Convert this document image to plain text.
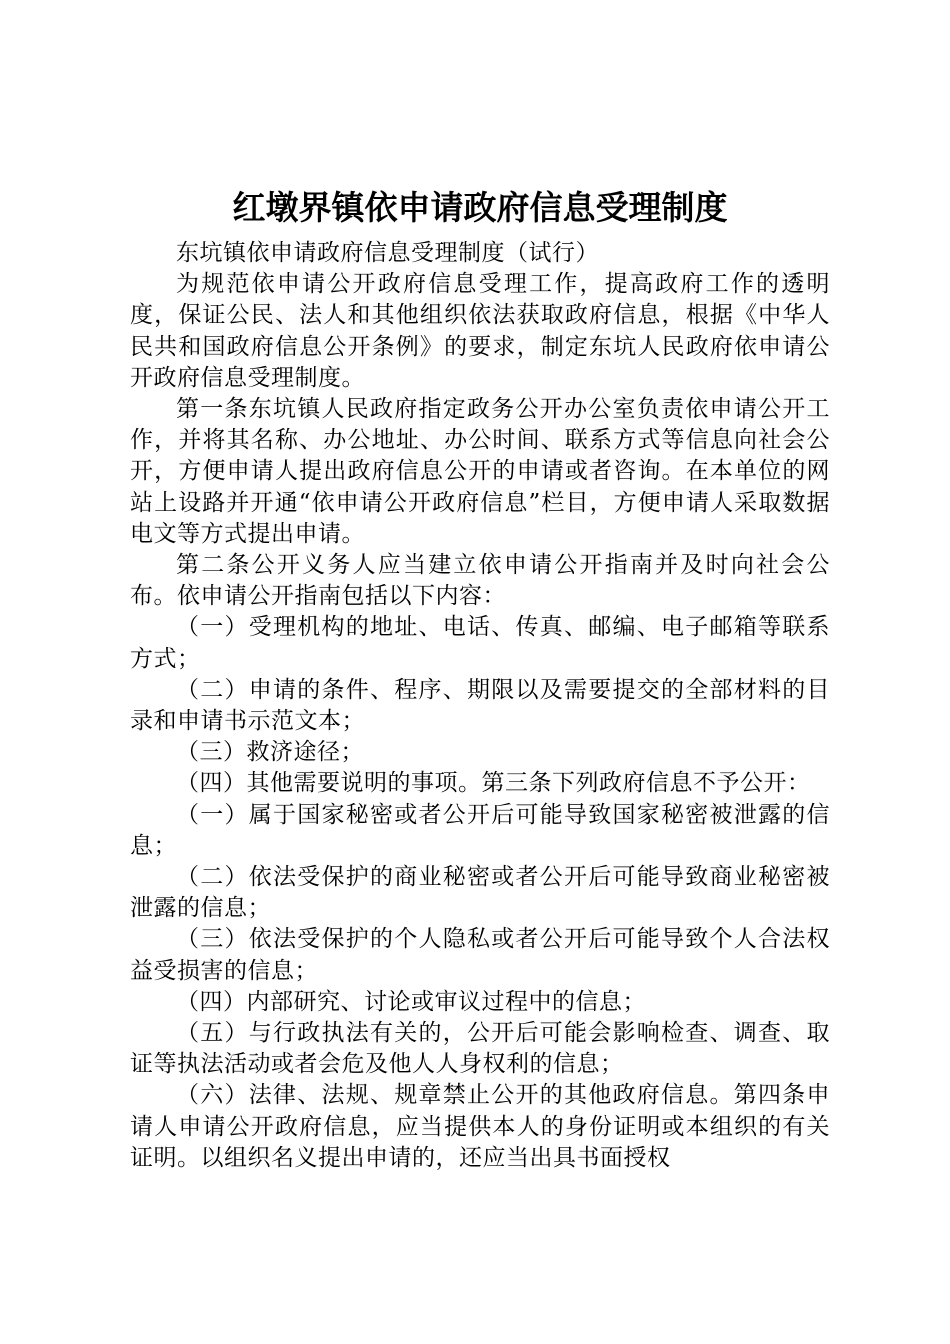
红墩界镇依申请政府信息受理制度

东坑镇依申请政府信息受理制度（试行）

为规范依申请公开政府信息受理工作，提高政府工作的透明度，保证公民、法人和其他组织依法获取政府信息，根据《中华人民共和国政府信息公开条例》的要求，制定东坑人民政府依申请公开政府信息受理制度。

第一条东坑镇人民政府指定政务公开办公室负责依申请公开工作，并将其名称、办公地址、办公时间、联系方式等信息向社会公开，方便申请人提出政府信息公开的申请或者咨询。在本单位的网站上设路并开通“依申请公开政府信息”栏目，方便申请人采取数据电文等方式提出申请。

第二条公开义务人应当建立依申请公开指南并及时向社会公布。依申请公开指南包括以下内容：

（一）受理机构的地址、电话、传真、邮编、电子邮箱等联系方式；

（二）申请的条件、程序、期限以及需要提交的全部材料的目录和申请书示范文本；

（三）救济途径；

（四）其他需要说明的事项。第三条下列政府信息不予公开：

（一）属于国家秘密或者公开后可能导致国家秘密被泄露的信息；

（二）依法受保护的商业秘密或者公开后可能导致商业秘密被泄露的信息；

（三）依法受保护的个人隐私或者公开后可能导致个人合法权益受损害的信息；

（四）内部研究、讨论或审议过程中的信息；

（五）与行政执法有关的，公开后可能会影响检查、调查、取证等执法活动或者会危及他人人身权利的信息；

（六）法律、法规、规章禁止公开的其他政府信息。第四条申请人申请公开政府信息，应当提供本人的身份证明或本组织的有关证明。以组织名义提出申请的，还应当出具书面授权
